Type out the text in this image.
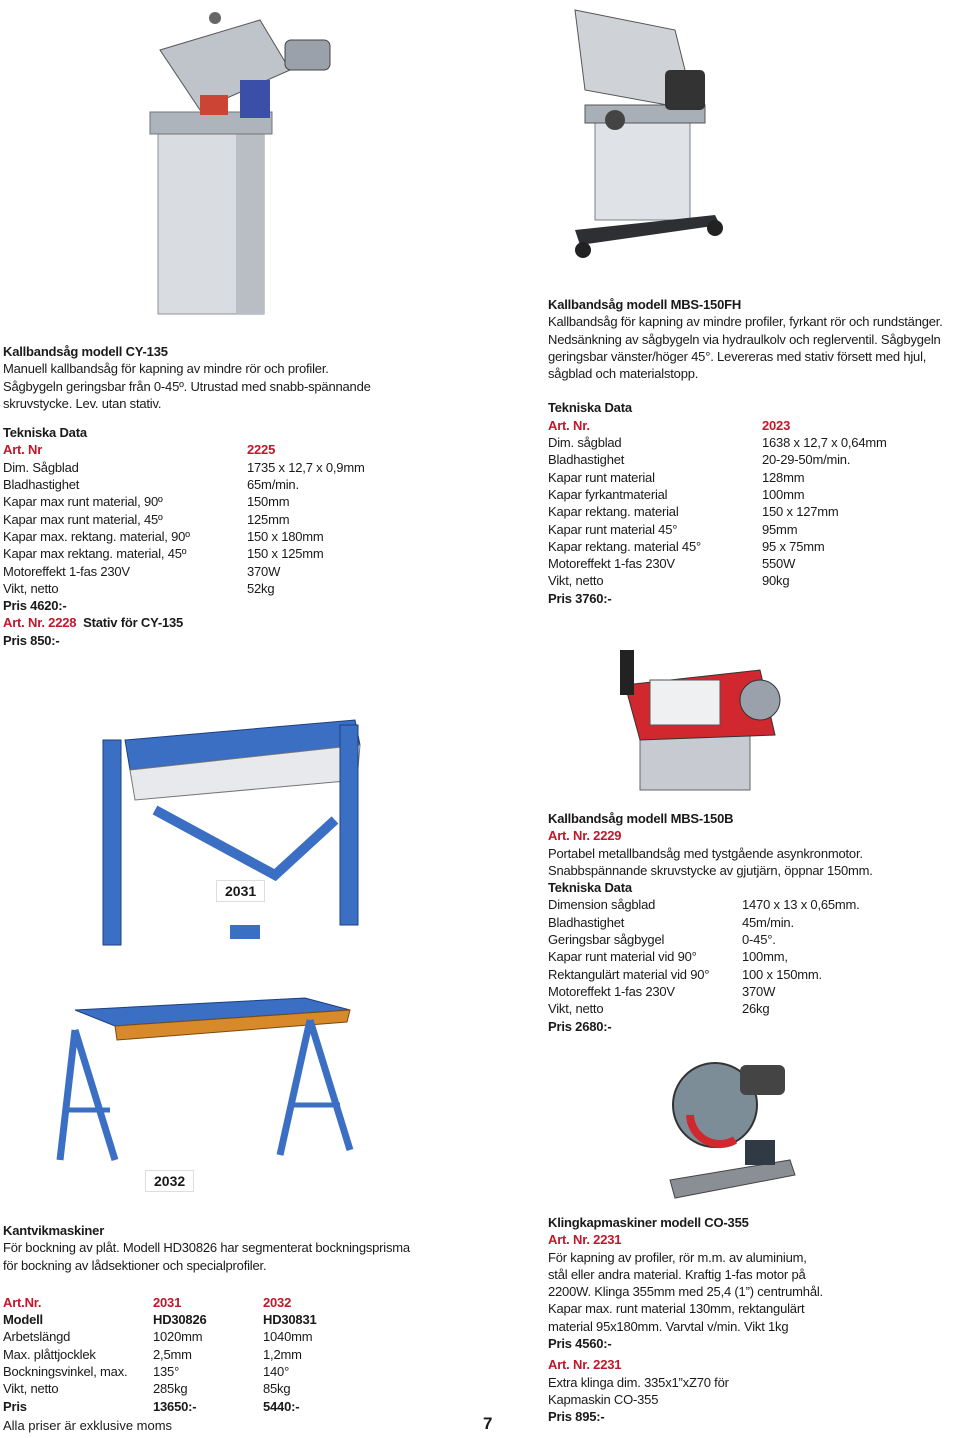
2031
2032
Kallbandsåg modell CY-135
Manuell kallbandsåg för kapning av mindre rör och profiler.
Sågbygeln geringsbar från 0-45º. Utrustad med snabb-spännande
skruvstycke. Lev. utan stativ.
Tekniska Data
Art. Nr	2225
Dim. Sågblad	1735 x 12,7 x 0,9mm
Bladhastighet	65m/min.
Kapar max runt material, 90º	150mm
Kapar max runt material, 45º	125mm
Kapar max. rektang. material, 90º	150 x 180mm
Kapar max rektang. material, 45º	150 x 125mm
Motoreffekt 1-fas 230V	370W
Vikt, netto	52kg
Pris 4620:-
Art. Nr. 2228 Stativ för CY-135
Pris 850:-
Kallbandsåg modell MBS-150FH
Kallbandsåg för kapning av mindre profiler, fyrkant rör och rundstänger.
Nedsänkning av sågbygeln via hydraulkolv och reglerventil. Sågbygeln
geringsbar vänster/höger 45°. Levereras med stativ försett med hjul,
sågblad och materialstopp.
Tekniska Data
Art. Nr.	2023
Dim. sågblad	1638 x 12,7 x 0,64mm
Bladhastighet	20-29-50m/min.
Kapar runt material	128mm
Kapar fyrkantmaterial	100mm
Kapar rektang. material	150 x 127mm
Kapar runt material 45°	95mm
Kapar rektang. material 45°	95 x 75mm
Motoreffekt 1-fas 230V	550W
Vikt, netto	90kg
Pris 3760:-
Kallbandsåg modell MBS-150B
Art. Nr. 2229
Portabel metallbandsåg med tystgående asynkronmotor.
Snabbspännande skruvstycke av gjutjärn, öppnar 150mm.
Tekniska Data
Dimension sågblad	1470 x 13 x 0,65mm.
Bladhastighet	45m/min.
Geringsbar sågbygel	0-45°.
Kapar runt material vid 90°	100mm,
Rektangulärt material vid 90°	100 x 150mm.
Motoreffekt 1-fas 230V	370W
Vikt, netto	26kg
Pris 2680:-
Kantvikmaskiner
För bockning av plåt. Modell HD30826 har segmenterat bockningsprisma
för bockning av lådsektioner och specialprofiler.
Art.Nr.	2031	2032
Modell	HD30826	HD30831
Arbetslängd	1020mm	1040mm
Max. plåttjocklek	2,5mm	1,2mm
Bockningsvinkel, max.	135°	140°
Vikt, netto	285kg	85kg
Pris	13650:-	5440:-
Klingkapmaskiner modell CO-355
Art. Nr. 2231
För kapning av profiler, rör m.m. av aluminium,
stål eller andra material. Kraftig 1-fas motor på
2200W. Klinga 355mm med 25,4 (1”) centrumhål.
Kapar max. runt material 130mm, rektangulärt
material 95x180mm. Varvtal v/min. Vikt 1kg
Pris 4560:-
Art. Nr. 2231
Extra klinga dim. 335x1”xZ70 för
Kapmaskin CO-355
Pris 895:-
Alla priser är exklusive moms	7
